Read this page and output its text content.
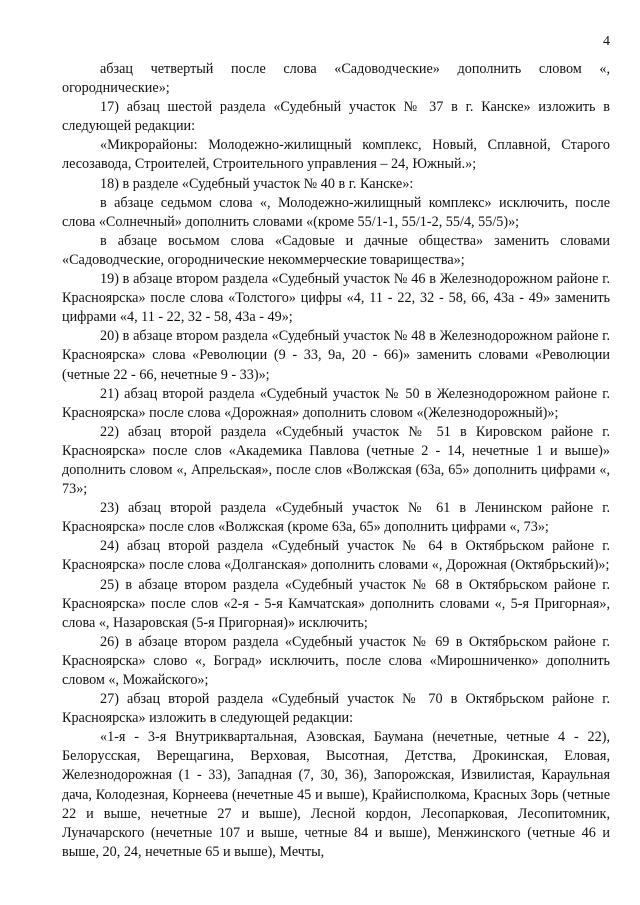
4

абзац четвертый после слова «Садоводческие» дополнить словом «, огороднические»;

17) абзац шестой раздела «Судебный участок № 37 в г. Канске» изложить в следующей редакции:

«Микрорайоны: Молодежно-жилищный комплекс, Новый, Сплавной, Старого лесозавода, Строителей, Строительного управления – 24, Южный.»;

18) в разделе «Судебный участок № 40 в г. Канске»:

в абзаце седьмом слова «, Молодежно-жилищный комплекс» исключить, после слова «Солнечный» дополнить словами «(кроме 55/1-1, 55/1-2, 55/4, 55/5)»;

в абзаце восьмом слова «Садовые и дачные общества» заменить словами «Садоводческие, огороднические некоммерческие товарищества»;

19) в абзаце втором раздела «Судебный участок № 46 в Железнодорожном районе г. Красноярска» после слова «Толстого» цифры «4, 11 - 22, 32 - 58, 66, 43а - 49» заменить цифрами «4, 11 - 22, 32 - 58, 43а - 49»;

20) в абзаце втором раздела «Судебный участок № 48 в Железнодорожном районе г. Красноярска» слова «Революции (9 - 33, 9а, 20 - 66)» заменить словами «Революции (четные 22 - 66, нечетные 9 - 33)»;

21) абзац второй раздела «Судебный участок № 50 в Железнодорожном районе г. Красноярска» после слова «Дорожная» дополнить словом «(Железнодорожный)»;

22) абзац второй раздела «Судебный участок № 51 в Кировском районе г. Красноярска» после слов «Академика Павлова (четные 2 - 14, нечетные 1 и выше)» дополнить словом «, Апрельская», после слов «Волжская (63а, 65» дополнить цифрами «, 73»;

23) абзац второй раздела «Судебный участок № 61 в Ленинском районе г. Красноярска» после слов «Волжская (кроме 63а, 65» дополнить цифрами «, 73»;

24) абзац второй раздела «Судебный участок № 64 в Октябрьском районе г. Красноярска» после слова «Долганская» дополнить словами «, Дорожная (Октябрьский)»;

25) в абзаце втором раздела «Судебный участок № 68 в Октябрьском районе г. Красноярска» после слов «2-я - 5-я Камчатская» дополнить словами «, 5-я Пригорная», слова «, Назаровская (5-я Пригорная)» исключить;

26) в абзаце втором раздела «Судебный участок № 69 в Октябрьском районе г. Красноярска» слово «, Боград» исключить, после слова «Мирошниченко» дополнить словом «, Можайского»;

27) абзац второй раздела «Судебный участок № 70 в Октябрьском районе г. Красноярска» изложить в следующей редакции:

«1-я - 3-я Внутриквартальная, Азовская, Баумана (нечетные, четные 4 - 22), Белорусская, Верещагина, Верховая, Высотная, Детства, Дрокинская, Еловая, Железнодорожная (1 - 33), Западная (7, 30, 36), Запорожская, Извилистая, Караульная дача, Колодезная, Корнеева (нечетные 45 и выше), Крайисполкома, Красных Зорь (четные 22 и выше, нечетные 27 и выше), Лесной кордон, Лесопарковая, Лесопитомник, Луначарского (нечетные 107 и выше, четные 84 и выше), Менжинского (четные 46 и выше, 20, 24, нечетные 65 и выше), Мечты,
